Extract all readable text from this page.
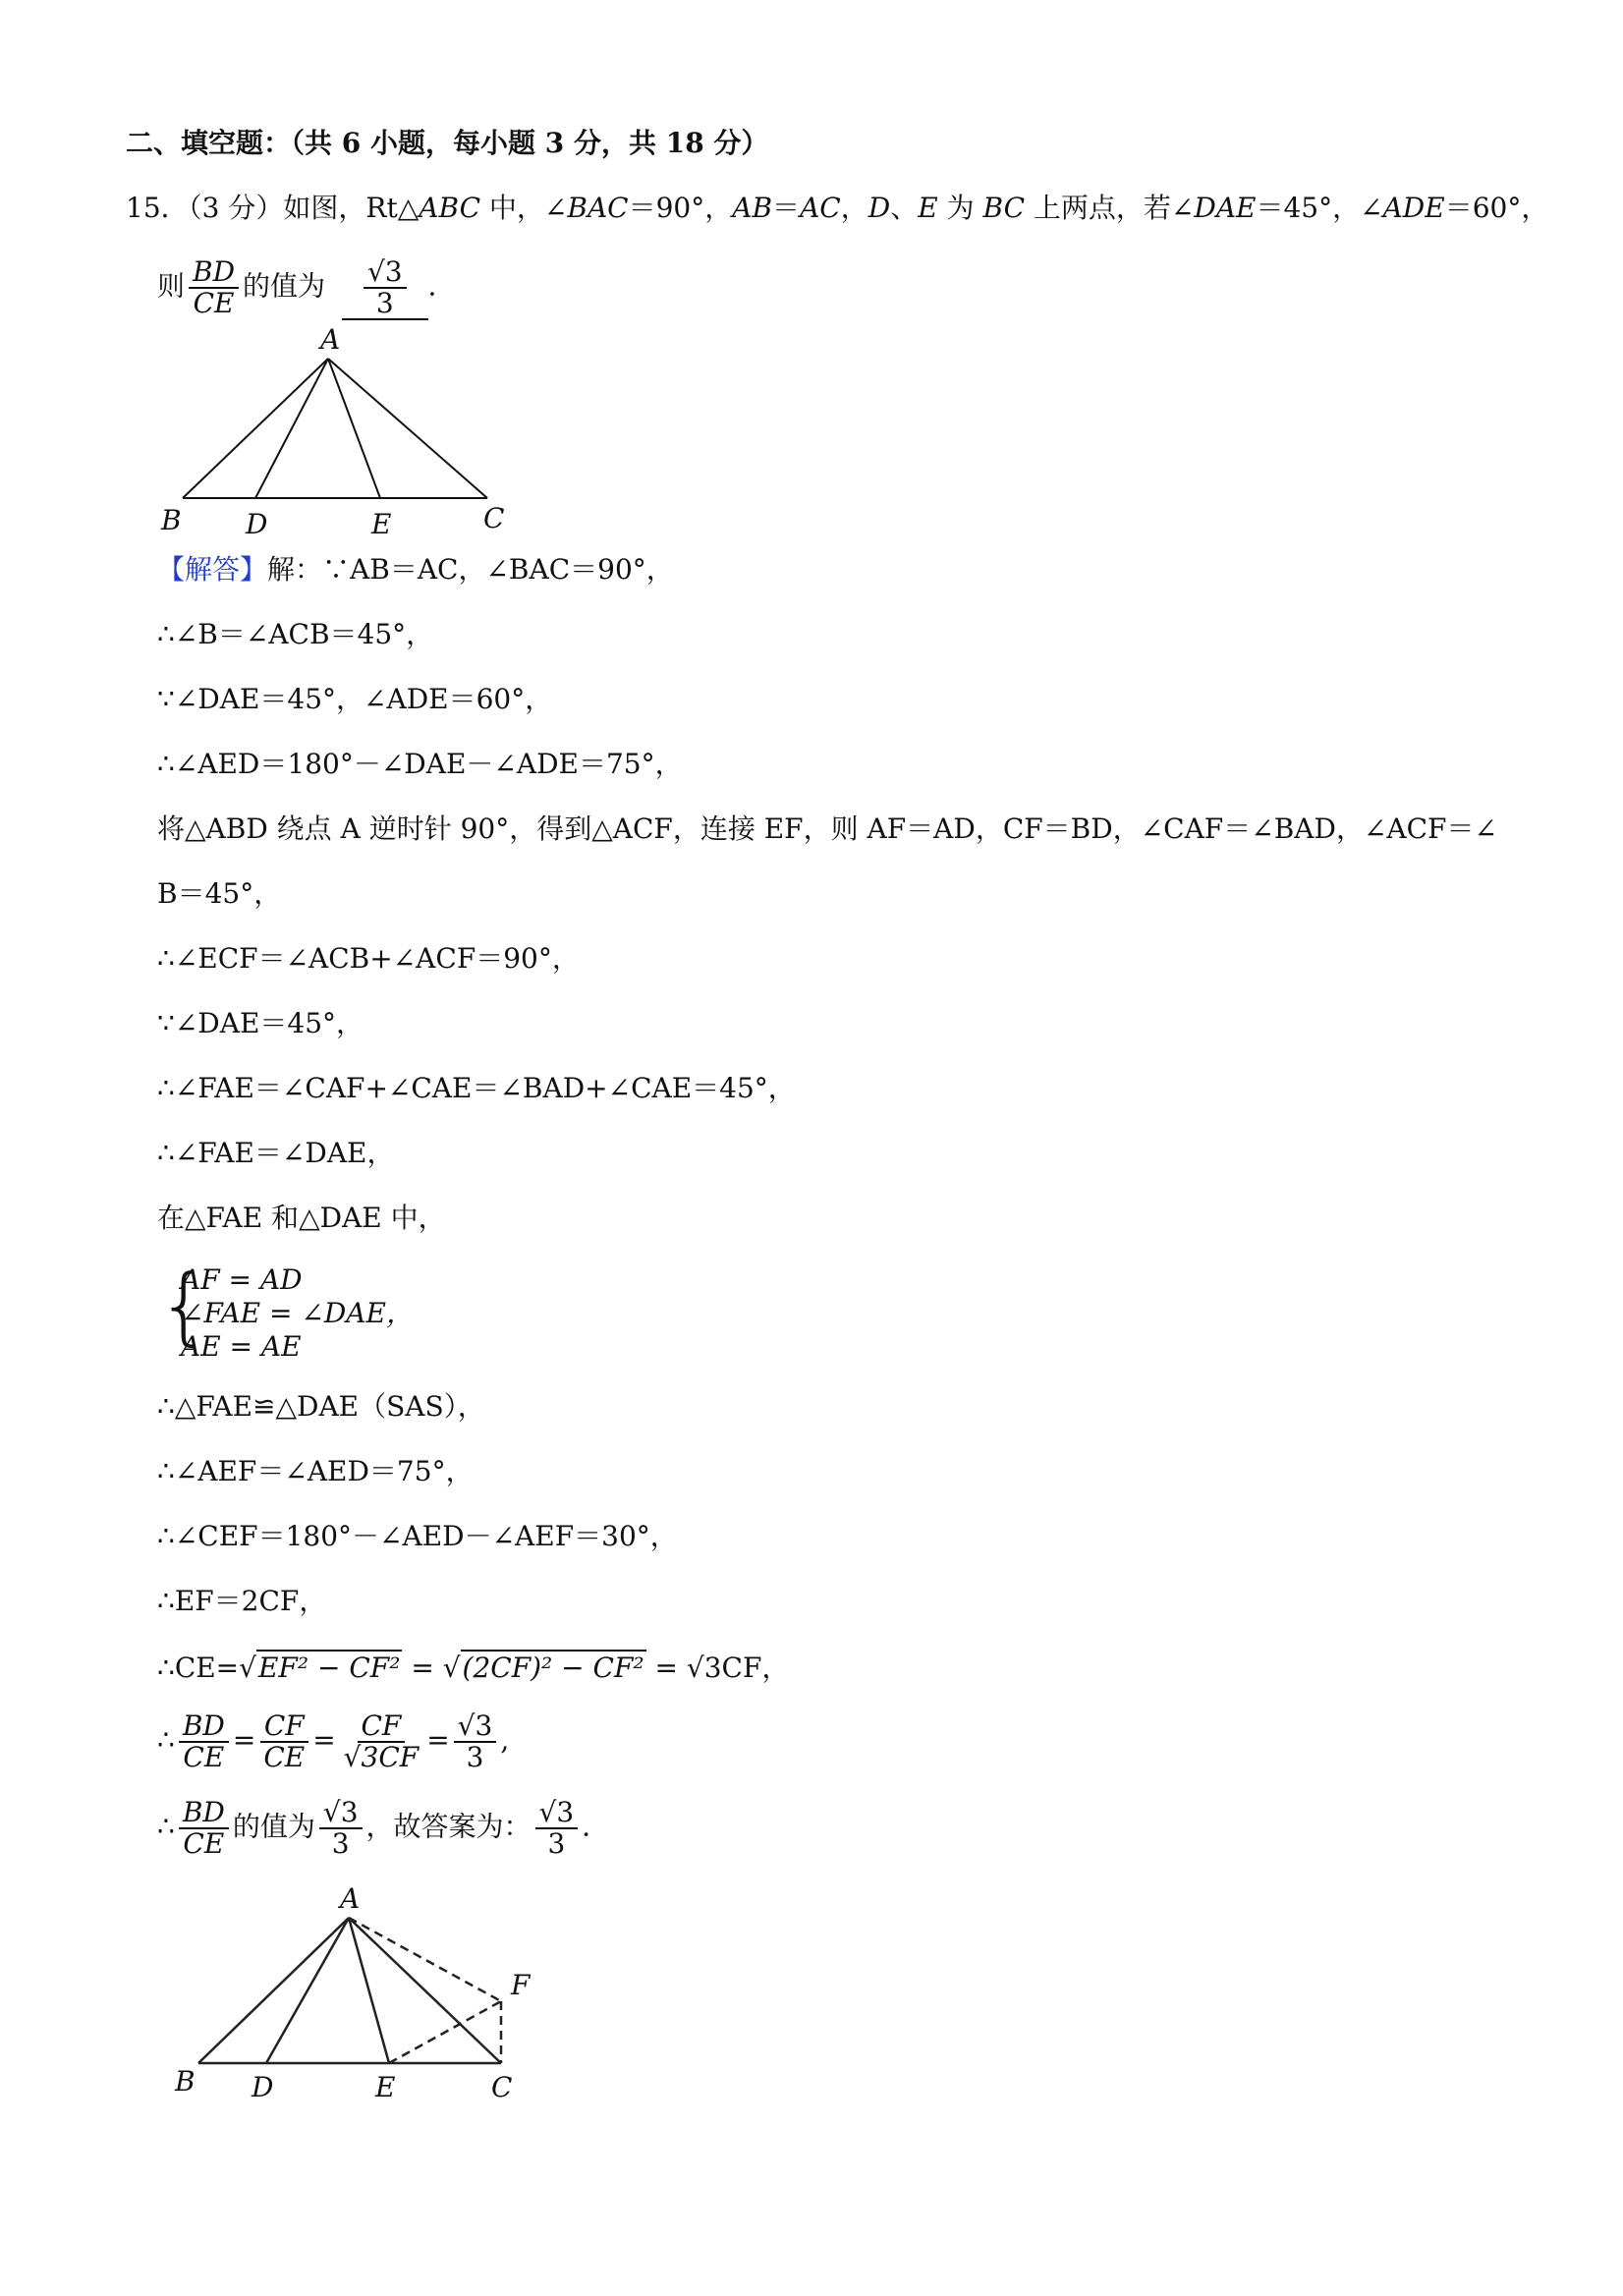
二、填空题：（共 6 小题，每小题 3 分，共 18 分）
15．（3 分）如图，Rt△ABC 中，∠BAC＝90°，AB＝AC，D、E 为 BC 上两点，若∠DAE＝45°，∠ADE＝60°，
则 $\frac{BD}{CE}$ 的值为 $\frac{√3}{3}$ ．
A
B D	E	C
【解答】解：∵AB＝AC，∠BAC＝90°，
∴∠B＝∠ACB＝45°，
∵∠DAE＝45°，∠ADE＝60°，
∴∠AED＝180°－∠DAE－∠ADE＝75°，
将△ABD 绕点 A 逆时针 90°，得到△ACF，连接 EF，则 AF＝AD，CF＝BD，∠CAF＝∠BAD，∠ACF＝∠
B＝45°，
∴∠ECF＝∠ACB+∠ACF＝90°，
∵∠DAE＝45°，
∴∠FAE＝∠CAF+∠CAE＝∠BAD+∠CAE＝45°，
∴∠FAE＝∠DAE，
在△FAE 和△DAE 中，
{
AF = AD
∠FAE = ∠DAE，
AE = AE
∴△FAE≌△DAE（SAS），
∴∠AEF＝∠AED＝75°，
∴∠CEF＝180°－∠AED－∠AEF＝30°，
∴EF＝2CF，
∴CE=√EF² − CF² = √(2CF)² − CF² = √3CF，
∴ $\frac{BD}{CE} = \frac{CF}{CE} = \frac{CF}{√3CF} = \frac{√3}{3}$ ,
∴ $\frac{BD}{CE}$ 的值为 $\frac{√3}{3}$ ，故答案为： $\frac{√3}{3}$ ．
A
B D	E	C
F
